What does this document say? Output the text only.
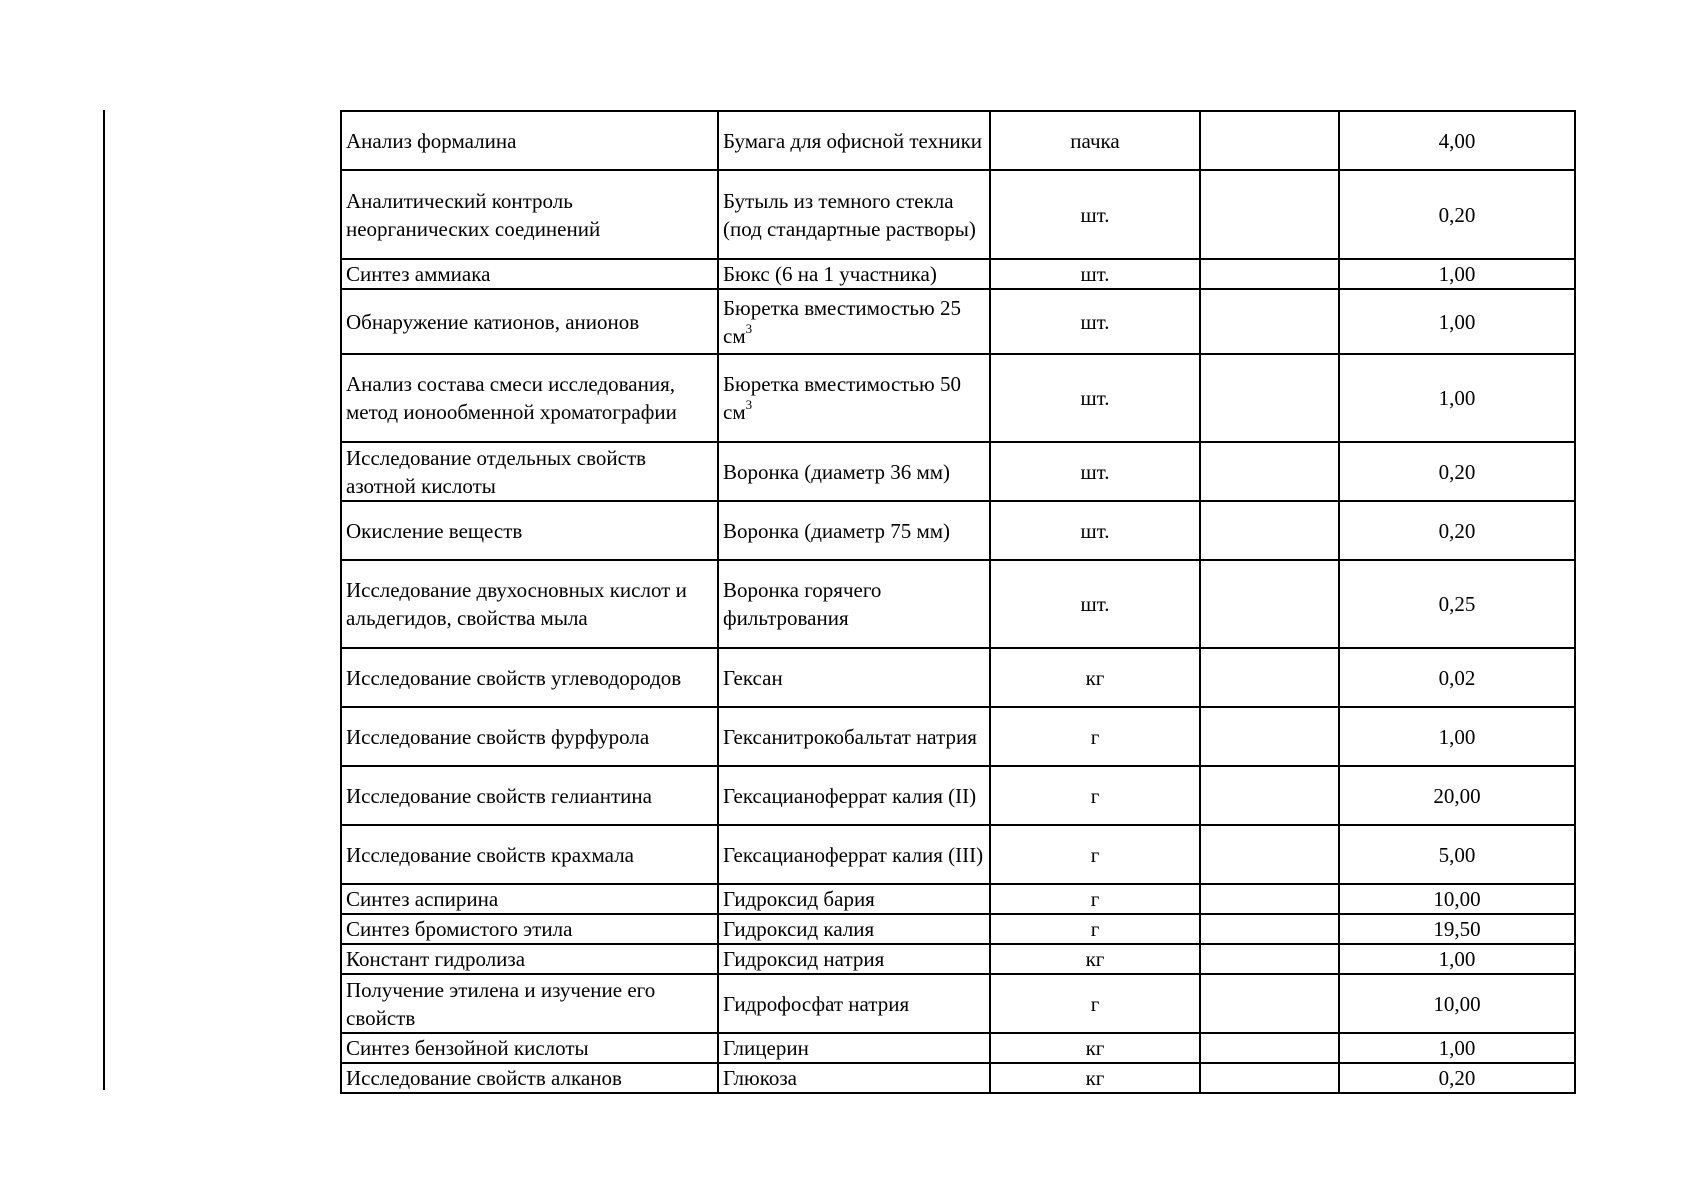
Анализ формалина	Бумага для офисной техники	пачка		4,00
Аналитический контроль неорганических соединений	Бутыль из темного стекла (под стандартные растворы)	шт.		0,20
Синтез аммиака	Бюкс (6 на 1 участника)	шт.		1,00
Обнаружение катионов, анионов	Бюретка вместимостью 25 $см^3$	шт.		1,00
Анализ состава смеси исследования, метод ионообменной хроматографии	Бюретка вместимостью 50 $см^3$	шт.		1,00
Исследование отдельных свойств азотной кислоты	Воронка (диаметр 36 мм)	шт.		0,20
Окисление веществ	Воронка (диаметр 75 мм)	шт.		0,20
Исследование двухосновных кислот и альдегидов, свойства мыла	Воронка горячего фильтрования	шт.		0,25
Исследование свойств углеводородов	Гексан	кг		0,02
Исследование свойств фурфурола	Гексанитрокобальтат натрия	г		1,00
Исследование свойств гелиантина	Гексацианоферрат калия (II)	г		20,00
Исследование свойств крахмала	Гексацианоферрат калия (III)	г		5,00
Синтез аспирина	Гидроксид бария	г		10,00
Синтез бромистого этила	Гидроксид калия	г		19,50
Констант гидролиза	Гидроксид натрия	кг		1,00
Получение этилена и изучение его свойств	Гидрофосфат натрия	г		10,00
Синтез бензойной кислоты	Глицерин	кг		1,00
Исследование свойств алканов	Глюкоза	кг		0,20
